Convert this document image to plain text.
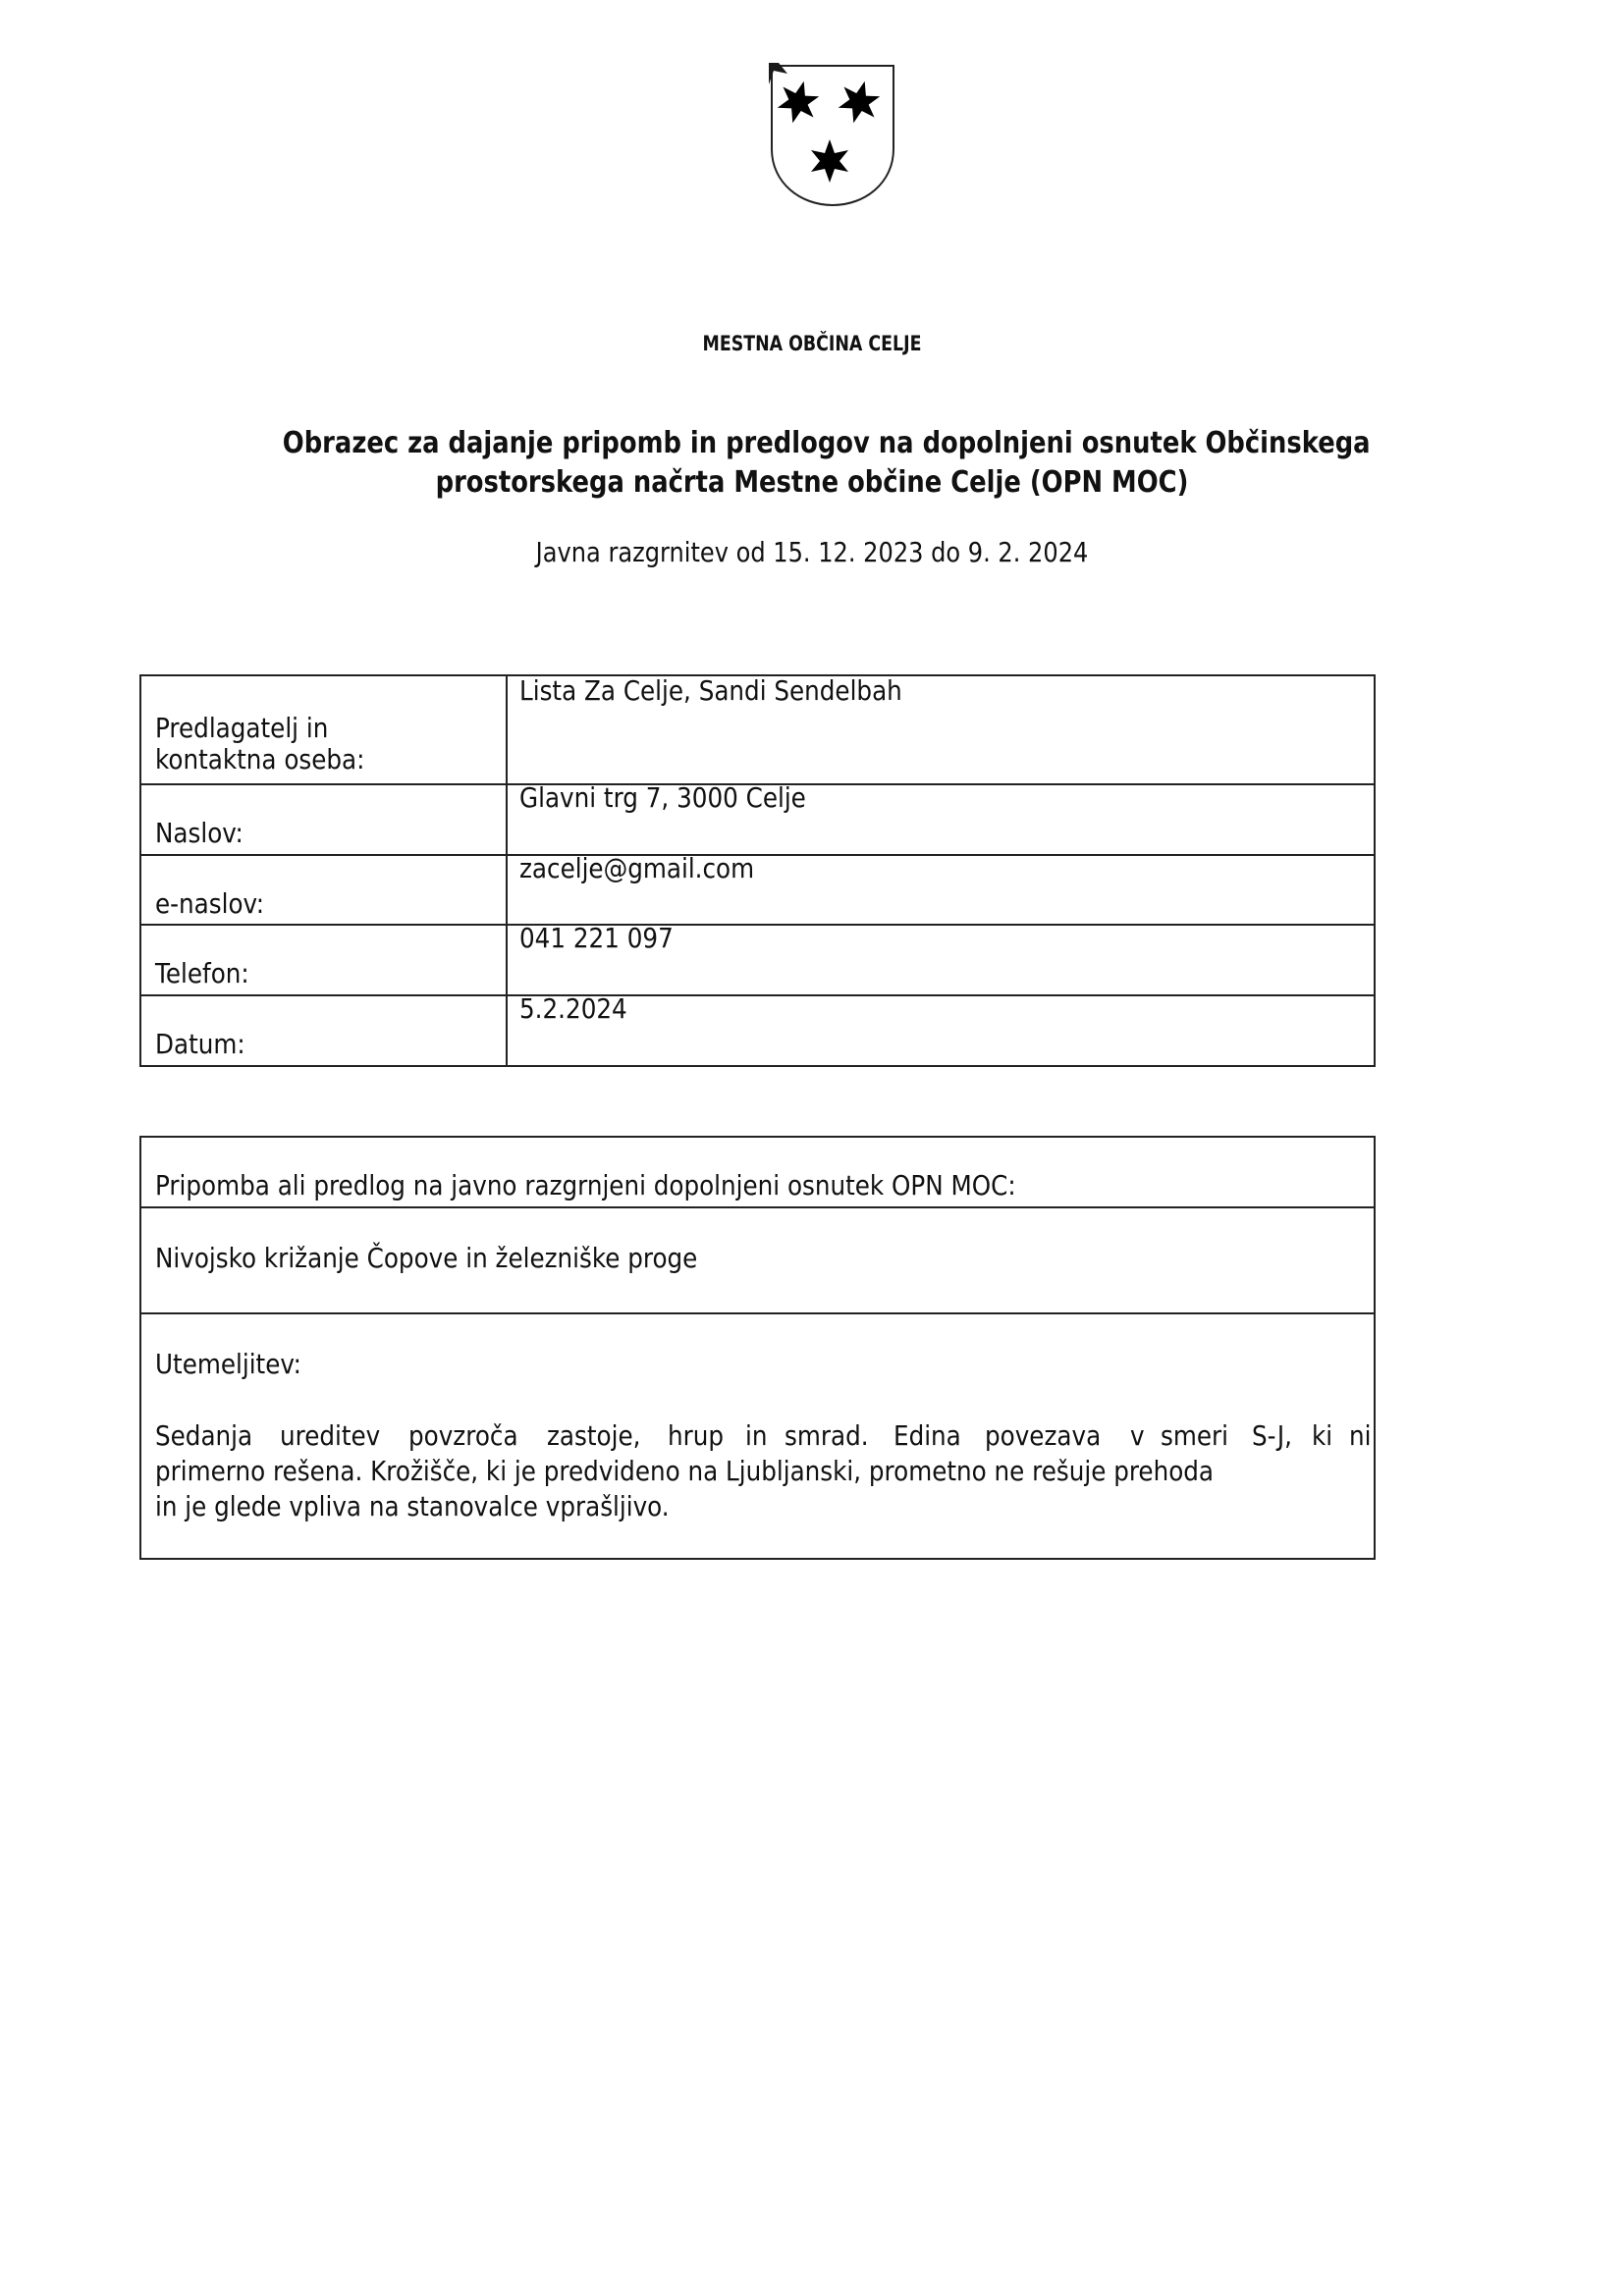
MESTNA OBČINA CELJE
Obrazec za dajanje pripomb in predlogov na dopolnjeni osnutek Občinskega
prostorskega načrta Mestne občine Celje (OPN MOC)
Javna razgrnitev od 15. 12. 2023 do 9. 2. 2024
Predlagatelj in
kontaktna oseba:
Lista Za Celje, Sandi Sendelbah
Naslov:
Glavni trg 7, 3000 Celje
e-naslov:
zacelje@gmail.com
Telefon:
041 221 097
Datum:
5.2.2024
Pripomba ali predlog na javno razgrnjeni dopolnjeni osnutek OPN MOC:
Nivojsko križanje Čopove in železniške proge
Utemeljitev:
Sedanja ureditev povzroča zastoje, hrup in smrad. Edina povezava v smeri S-J, ki ni
primerno rešena. Krožišče, ki je predvideno na Ljubljanski, prometno ne rešuje prehoda
in je glede vpliva na stanovalce vprašljivo.
